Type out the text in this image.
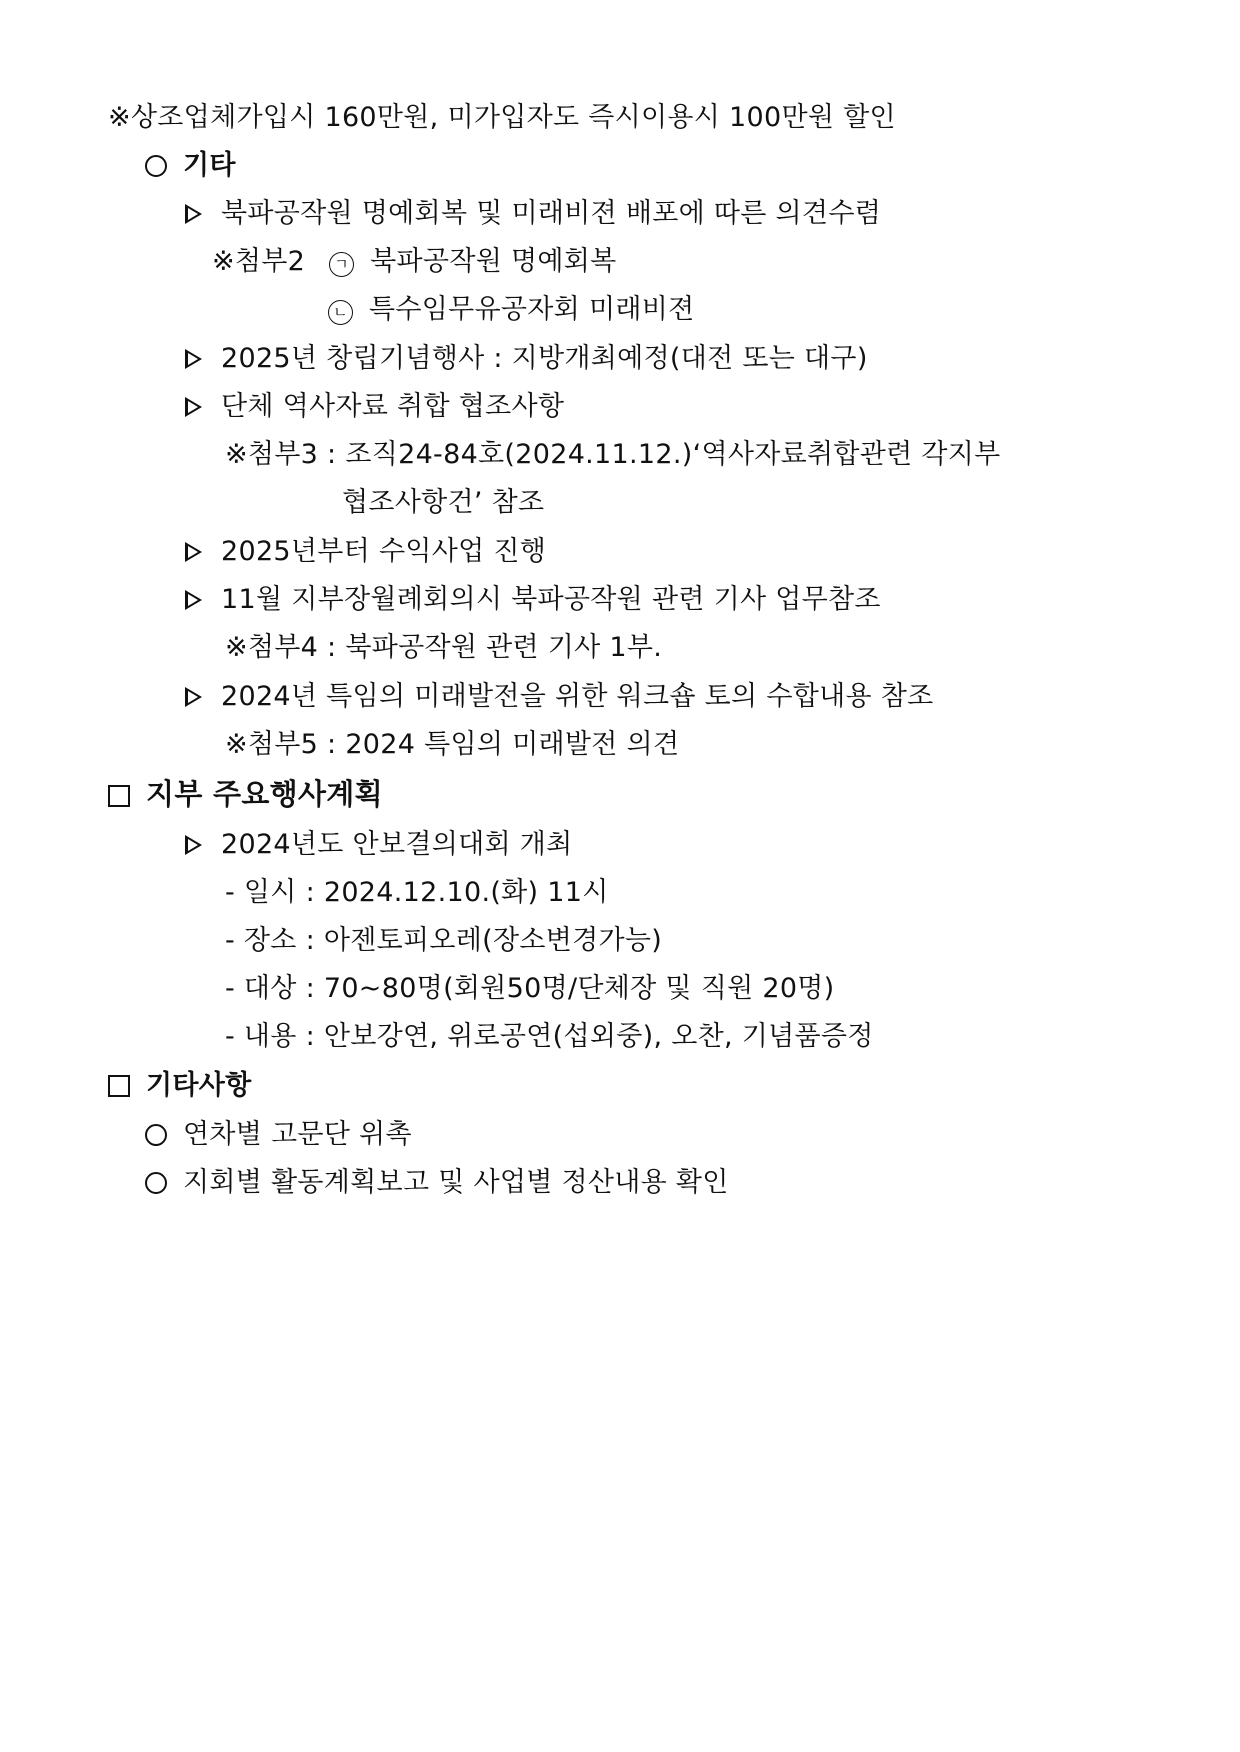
※상조업체가입시 160만원, 미가입자도 즉시이용시 100만원 할인
기타
북파공작원 명예회복 및 미래비젼 배포에 따른 의견수렴
※첨부2 ㄱ 북파공작원 명예회복
ㄴ 특수임무유공자회 미래비젼
2025년 창립기념행사 : 지방개최예정(대전 또는 대구)
단체 역사자료 취합 협조사항
※첨부3 : 조직24-84호(2024.11.12.)‘역사자료취합관련 각지부
협조사항건’ 참조
2025년부터 수익사업 진행
11월 지부장월례회의시 북파공작원 관련 기사 업무참조
※첨부4 : 북파공작원 관련 기사 1부.
2024년 특임의 미래발전을 위한 워크숍 토의 수합내용 참조
※첨부5 : 2024 특임의 미래발전 의견
지부 주요행사계획
2024년도 안보결의대회 개최
- 일시 : 2024.12.10.(화) 11시
- 장소 : 아젠토피오레(장소변경가능)
- 대상 : 70~80명(회원50명/단체장 및 직원 20명)
- 내용 : 안보강연, 위로공연(섭외중), 오찬, 기념품증정
기타사항
연차별 고문단 위촉
지회별 활동계획보고 및 사업별 정산내용 확인
